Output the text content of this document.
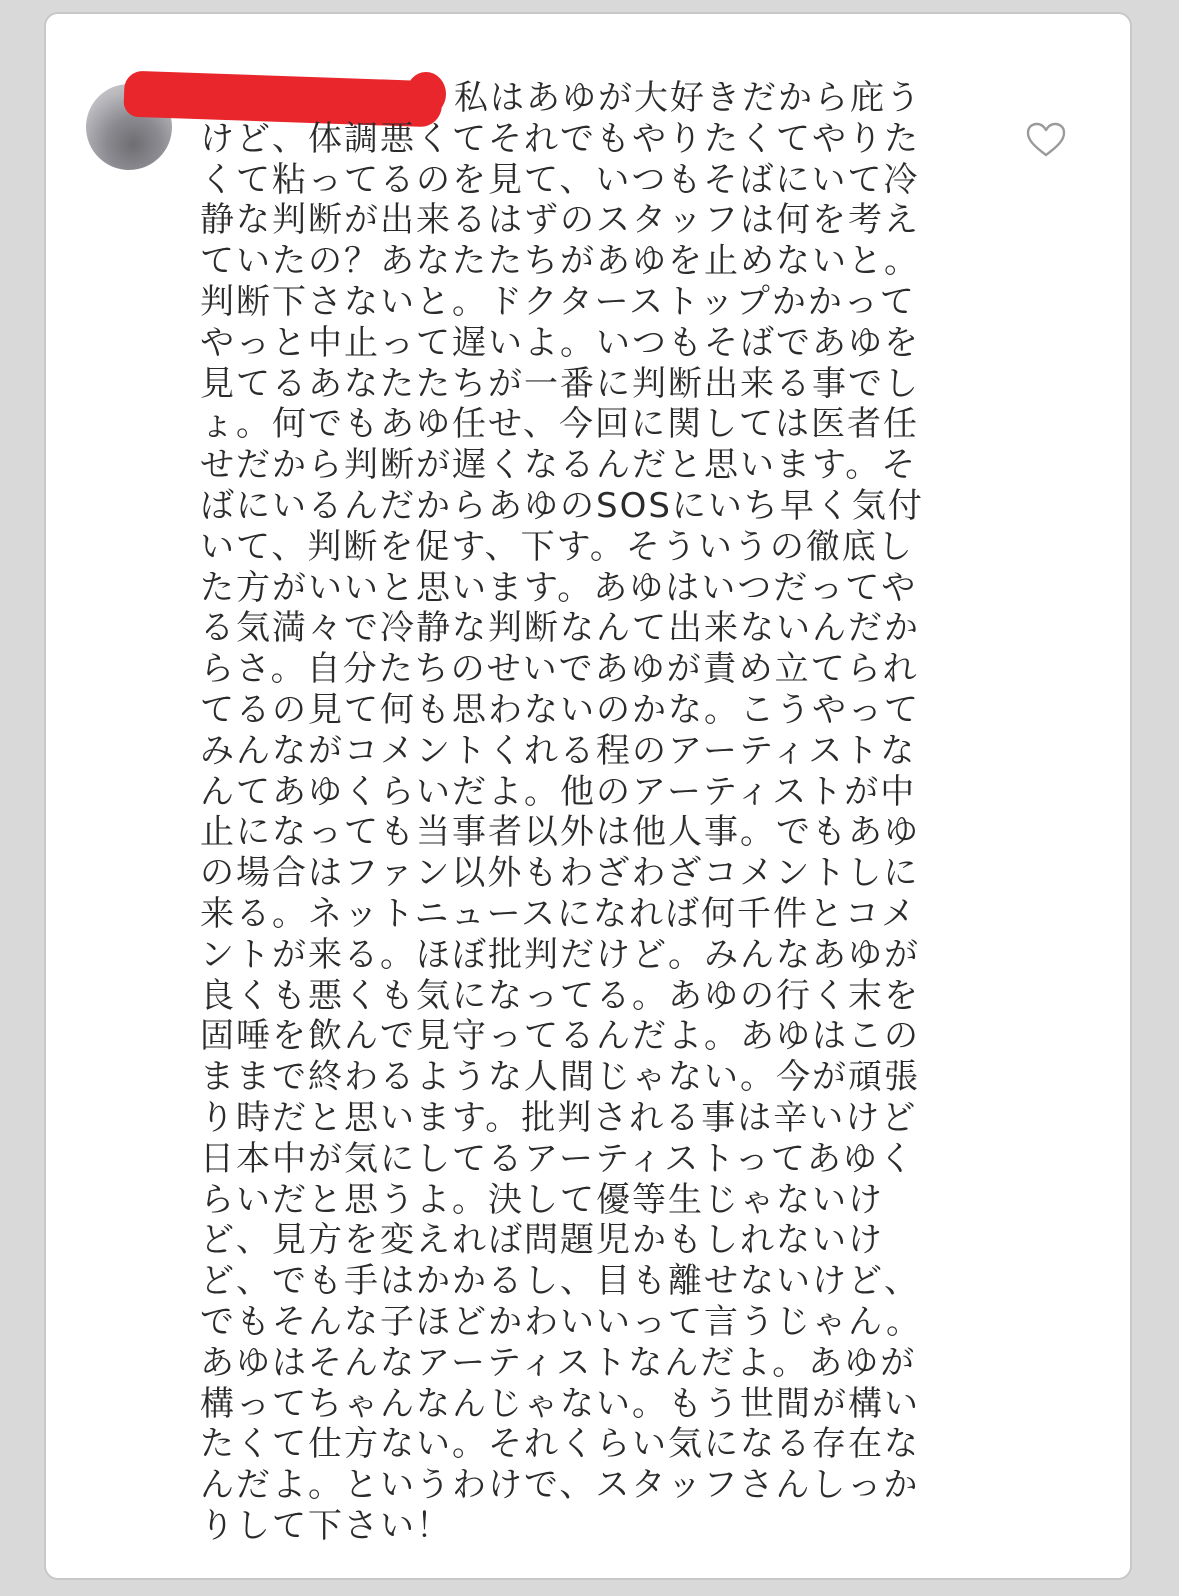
私はあゆが大好きだから庇う
けど、体調悪くてそれでもやりたくてやりた
くて粘ってるのを見て、いつもそばにいて冷
静な判断が出来るはずのスタッフは何を考え
ていたの？あなたたちがあゆを止めないと。
判断下さないと。ドクターストップかかって
やっと中止って遅いよ。いつもそばであゆを
見てるあなたたちが一番に判断出来る事でし
ょ。何でもあゆ任せ、今回に関しては医者任
せだから判断が遅くなるんだと思います。そ
ばにいるんだからあゆのSOSにいち早く気付
いて、判断を促す、下す。そういうの徹底し
た方がいいと思います。あゆはいつだってや
る気満々で冷静な判断なんて出来ないんだか
らさ。自分たちのせいであゆが責め立てられ
てるの見て何も思わないのかな。こうやって
みんながコメントくれる程のアーティストな
んてあゆくらいだよ。他のアーティストが中
止になっても当事者以外は他人事。でもあゆ
の場合はファン以外もわざわざコメントしに
来る。ネットニュースになれば何千件とコメ
ントが来る。ほぼ批判だけど。みんなあゆが
良くも悪くも気になってる。あゆの行く末を
固唾を飲んで見守ってるんだよ。あゆはこの
ままで終わるような人間じゃない。今が頑張
り時だと思います。批判される事は辛いけど
日本中が気にしてるアーティストってあゆく
らいだと思うよ。決して優等生じゃないけ
ど、見方を変えれば問題児かもしれないけ
ど、でも手はかかるし、目も離せないけど、
でもそんな子ほどかわいいって言うじゃん。
あゆはそんなアーティストなんだよ。あゆが
構ってちゃんなんじゃない。もう世間が構い
たくて仕方ない。それくらい気になる存在な
んだよ。というわけで、スタッフさんしっか
りして下さい！
